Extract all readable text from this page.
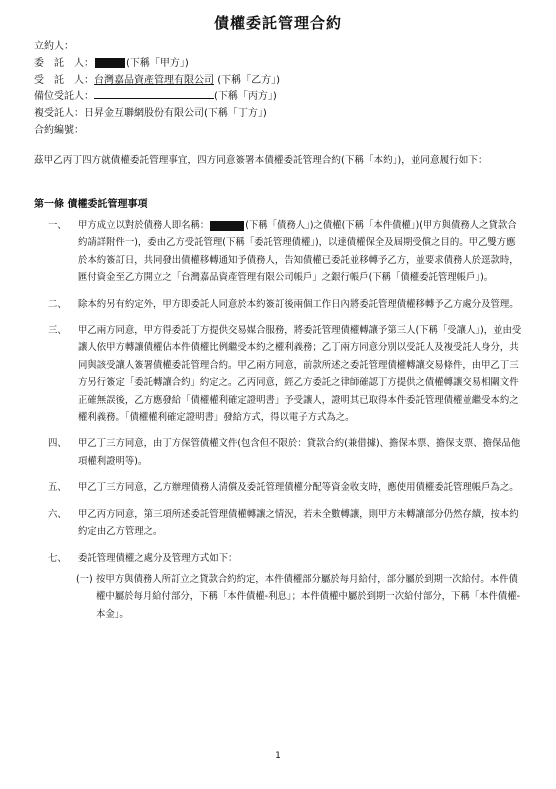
債權委託管理合約
立約人：
委　託　人：	(下稱「甲方」)
受　託　人：台灣嘉品資產管理有限公司 (下稱「乙方」)
備位受託人：	(下稱「丙方」)
複受託人：日昇金互聯網股份有限公司(下稱「丁方」)
合約編號：
茲甲乙丙丁四方就債權委託管理事宜，四方同意簽署本債權委託管理合約(下稱「本約」)，並同意履行如下：
第一條 債權委託管理事項
一、 甲方成立以對於債務人即名稱：	(下稱「債務人」)之債權(下稱「本件債權」)(甲方與債務人之貸款合約請詳附件一)，委由乙方受託管理(下稱「委託管理債權」)，以達債權保全及屆期受償之目的。甲乙雙方應於本約簽訂日，共同發出債權移轉通知予債務人，告知債權已委託並移轉予乙方，並要求債務人於逕款時，匯付資金至乙方開立之「台灣嘉品資產管理有限公司帳戶」之銀行帳戶(下稱「債權委託管理帳戶」)。
二、 除本約另有約定外，甲方即委託人同意於本約簽訂後兩個工作日內將委託管理債權移轉予乙方處分及管理。
三、 甲乙兩方同意，甲方得委託丁方提供交易媒合服務，將委託管理債權轉讓予第三人(下稱「受讓人」)，並由受讓人依甲方轉讓債權佔本件債權比例繼受本約之權利義務；乙丁兩方同意分別以受託人及複受託人身分，共同與該受讓人簽署債權委託管理合約。甲乙兩方同意，前款所述之委託管理債權轉讓交易條件，由甲乙丁三方另行簽定「委託轉讓合約」約定之。乙丙同意，經乙方委託之律師確認丁方提供之債權轉讓交易相關文件正確無誤後，乙方應發給「債權權利確定證明書」予受讓人，證明其已取得本件委託管理債權並繼受本約之權利義務。「債權權利確定證明書」發給方式，得以電子方式為之。
四、 甲乙丁三方同意，由丁方保管債權文件(包含但不限於：貸款合約(兼借據)、擔保本票、擔保支票、擔保品他項權利證明等)。
五、 甲乙丁三方同意，乙方辦理債務人清償及委託管理債權分配等資金收支時，應使用債權委託管理帳戶為之。
六、 甲乙丙方同意，第三項所述委託管理債權轉讓之情況，若未全數轉讓，則甲方未轉讓部分仍然存續，按本約約定由乙方管理之。
七、 委託管理債權之處分及管理方式如下：
(一) 按甲方與債務人所訂立之貸款合約約定，本件債權部分屬於每月給付，部分屬於到期一次給付。本件債權中屬於每月給付部分，下稱「本件債權-利息」；本件債權中屬於到期一次給付部分，下稱「本件債權-本金」。
1
